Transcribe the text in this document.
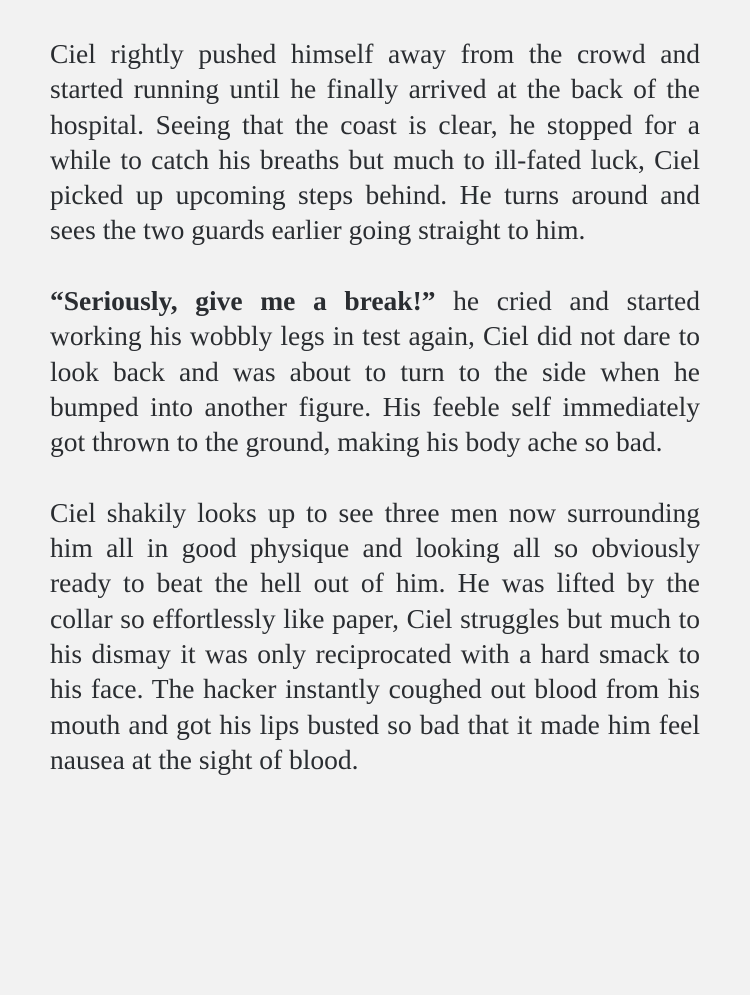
Ciel rightly pushed himself away from the crowd and started running until he finally arrived at the back of the hospital. Seeing that the coast is clear, he stopped for a while to catch his breaths but much to ill-fated luck, Ciel picked up upcoming steps behind. He turns around and sees the two guards earlier going straight to him.

“Seriously, give me a break!” he cried and started working his wobbly legs in test again, Ciel did not dare to look back and was about to turn to the side when he bumped into another figure. His feeble self immediately got thrown to the ground, making his body ache so bad.

Ciel shakily looks up to see three men now surrounding him all in good physique and looking all so obviously ready to beat the hell out of him. He was lifted by the collar so effortlessly like paper, Ciel struggles but much to his dismay it was only reciprocated with a hard smack to his face. The hacker instantly coughed out blood from his mouth and got his lips busted so bad that it made him feel nausea at the sight of blood.
